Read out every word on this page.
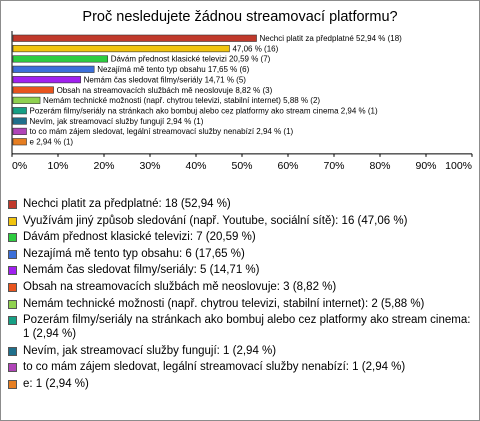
Proč nesledujete žádnou streamovací platformu?
Nechci platit za předplatné 52,94 % (18)
47,06 % (16)
Dávám přednost klasické televizi 20,59 % (7)
Nezajímá mě tento typ obsahu 17,65 % (6)
Nemám čas sledovat filmy/seriály 14,71 % (5)
Obsah na streamovacích službách mě neoslovuje 8,82 % (3)
Nemám technické možnosti (např. chytrou televizi, stabilní internet) 5,88 % (2)
Pozerám filmy/seriály na stránkach ako bombuj alebo cez platformy ako stream cinema 2,94 % (1)
Nevím, jak streamovací služby fungují 2,94 % (1)
to co mám zájem sledovat, legální streamovací služby nenabízí 2,94 % (1)
e 2,94 % (1)
0% 10% 20% 30% 40% 50% 60% 70% 80% 90% 100%
Nechci platit za předplatné: 18 (52,94 %)
Využívám jiný způsob sledování (např. Youtube, sociální sítě): 16 (47,06 %)
Dávám přednost klasické televizi: 7 (20,59 %)
Nezajímá mě tento typ obsahu: 6 (17,65 %)
Nemám čas sledovat filmy/seriály: 5 (14,71 %)
Obsah na streamovacích službách mě neoslovuje: 3 (8,82 %)
Nemám technické možnosti (např. chytrou televizi, stabilní internet): 2 (5,88 %)
Pozerám filmy/seriály na stránkach ako bombuj alebo cez platformy ako stream cinema: 1 (2,94 %)
Nevím, jak streamovací služby fungují: 1 (2,94 %)
to co mám zájem sledovat, legální streamovací služby nenabízí: 1 (2,94 %)
e: 1 (2,94 %)
